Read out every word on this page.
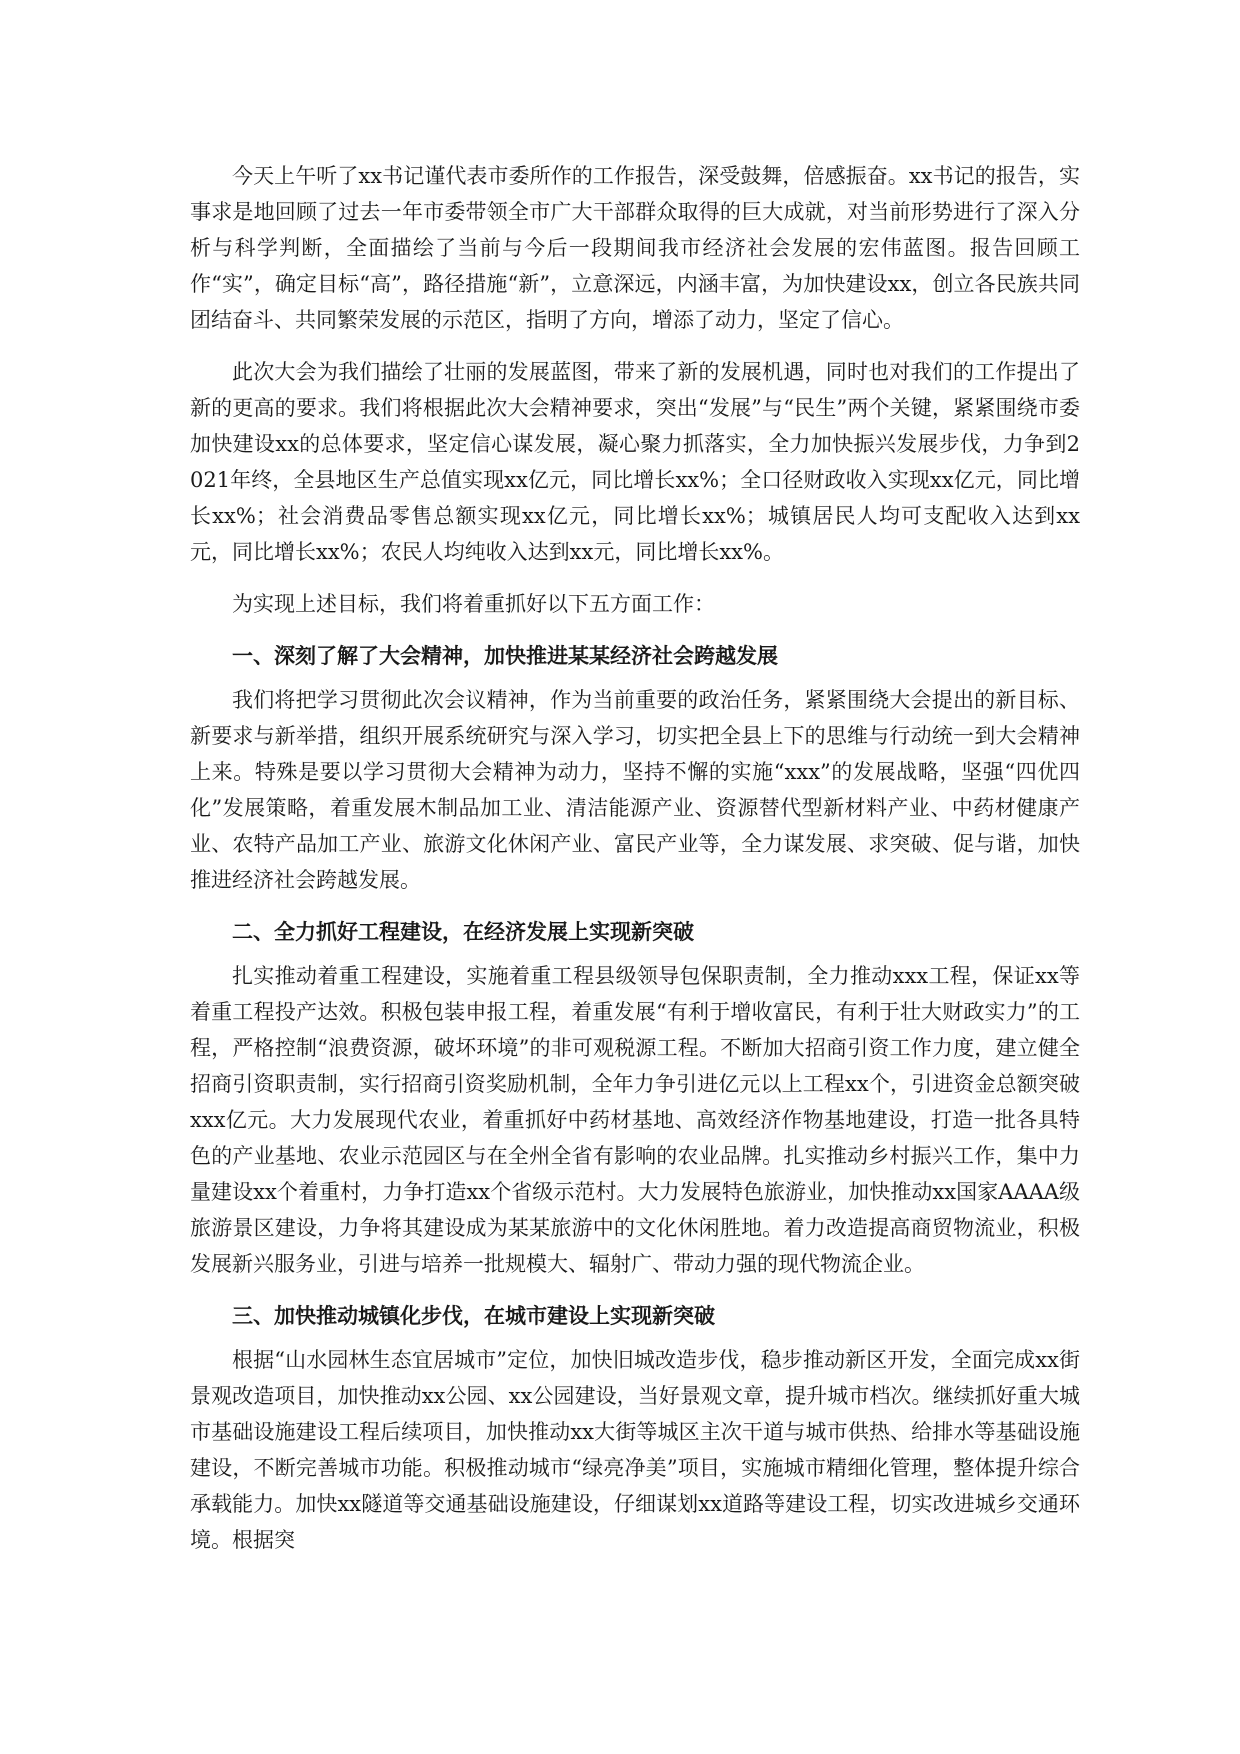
今天上午听了xx书记谨代表市委所作的工作报告，深受鼓舞，倍感振奋。xx书记的报告，实事求是地回顾了过去一年市委带领全市广大干部群众取得的巨大成就，对当前形势进行了深入分析与科学判断，全面描绘了当前与今后一段期间我市经济社会发展的宏伟蓝图。报告回顾工作“实”，确定目标“高”，路径措施“新”，立意深远，内涵丰富，为加快建设xx，创立各民族共同团结奋斗、共同繁荣发展的示范区，指明了方向，增添了动力，坚定了信心。

此次大会为我们描绘了壮丽的发展蓝图，带来了新的发展机遇，同时也对我们的工作提出了新的更高的要求。我们将根据此次大会精神要求，突出“发展”与“民生”两个关键，紧紧围绕市委加快建设xx的总体要求，坚定信心谋发展，凝心聚力抓落实，全力加快振兴发展步伐，力争到2021年终，全县地区生产总值实现xx亿元，同比增长xx%；全口径财政收入实现xx亿元，同比增长xx%；社会消费品零售总额实现xx亿元，同比增长xx%；城镇居民人均可支配收入达到xx元，同比增长xx%；农民人均纯收入达到xx元，同比增长xx%。

为实现上述目标，我们将着重抓好以下五方面工作：

一、深刻了解了大会精神，加快推进某某经济社会跨越发展

我们将把学习贯彻此次会议精神，作为当前重要的政治任务，紧紧围绕大会提出的新目标、新要求与新举措，组织开展系统研究与深入学习，切实把全县上下的思维与行动统一到大会精神上来。特殊是要以学习贯彻大会精神为动力，坚持不懈的实施“xxx”的发展战略，坚强“四优四化”发展策略，着重发展木制品加工业、清洁能源产业、资源替代型新材料产业、中药材健康产业、农特产品加工产业、旅游文化休闲产业、富民产业等，全力谋发展、求突破、促与谐，加快推进经济社会跨越发展。

二、全力抓好工程建设，在经济发展上实现新突破

扎实推动着重工程建设，实施着重工程县级领导包保职责制，全力推动xxx工程，保证xx等着重工程投产达效。积极包装申报工程，着重发展“有利于增收富民，有利于壮大财政实力”的工程，严格控制“浪费资源，破坏环境”的非可观税源工程。不断加大招商引资工作力度，建立健全招商引资职责制，实行招商引资奖励机制，全年力争引进亿元以上工程xx个，引进资金总额突破xxx亿元。大力发展现代农业，着重抓好中药材基地、高效经济作物基地建设，打造一批各具特色的产业基地、农业示范园区与在全州全省有影响的农业品牌。扎实推动乡村振兴工作，集中力量建设xx个着重村，力争打造xx个省级示范村。大力发展特色旅游业，加快推动xx国家AAAA级旅游景区建设，力争将其建设成为某某旅游中的文化休闲胜地。着力改造提高商贸物流业，积极发展新兴服务业，引进与培养一批规模大、辐射广、带动力强的现代物流企业。

三、加快推动城镇化步伐，在城市建设上实现新突破

根据“山水园林生态宜居城市”定位，加快旧城改造步伐，稳步推动新区开发，全面完成xx街景观改造项目，加快推动xx公园、xx公园建设，当好景观文章，提升城市档次。继续抓好重大城市基础设施建设工程后续项目，加快推动xx大街等城区主次干道与城市供热、给排水等基础设施建设，不断完善城市功能。积极推动城市“绿亮净美”项目，实施城市精细化管理，整体提升综合承载能力。加快xx隧道等交通基础设施建设，仔细谋划xx道路等建设工程，切实改进城乡交通环境。根据突
